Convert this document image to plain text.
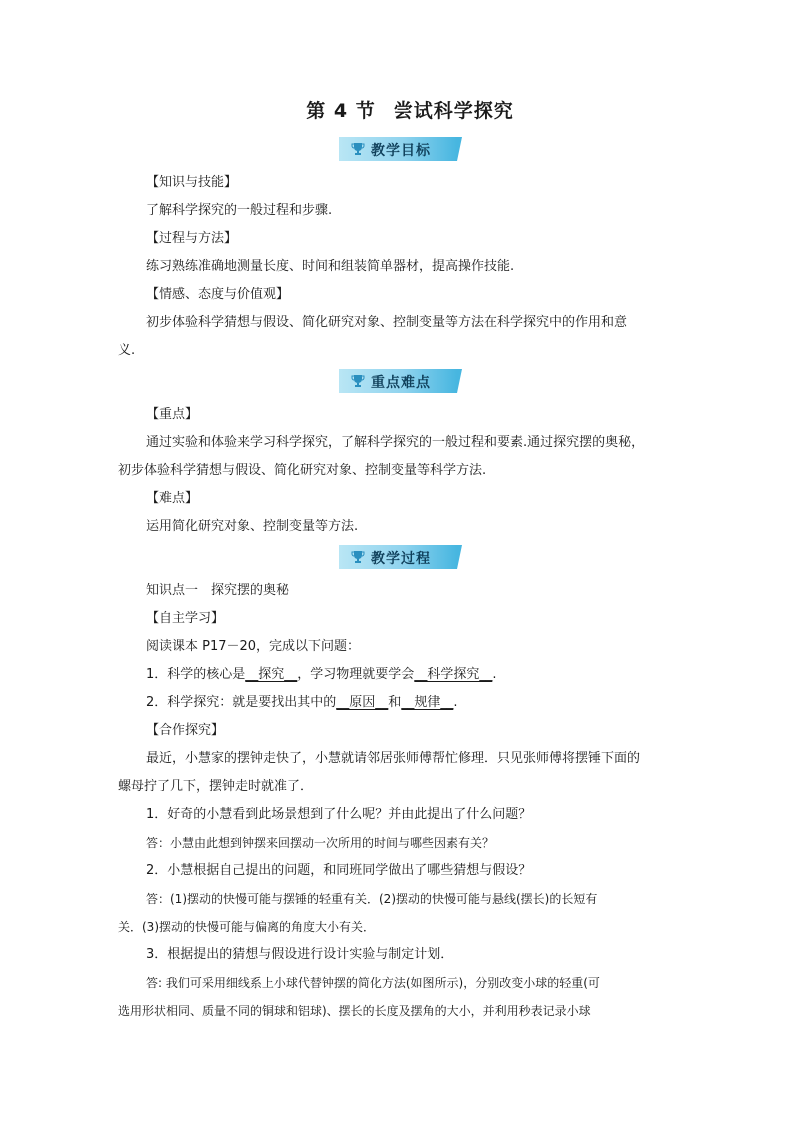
第 4 节 尝试科学探究
教学目标

【知识与技能】

了解科学探究的一般过程和步骤.

【过程与方法】

练习熟练准确地测量长度、时间和组装简单器材，提高操作技能.

【情感、态度与价值观】

初步体验科学猜想与假设、简化研究对象、控制变量等方法在科学探究中的作用和意

义.

重点难点

【重点】

通过实验和体验来学习科学探究，了解科学探究的一般过程和要素.通过探究摆的奥秘，

初步体验科学猜想与假设、简化研究对象、控制变量等科学方法.

【难点】

运用简化研究对象、控制变量等方法.

教学过程

知识点一　探究摆的奥秘

【自主学习】

阅读课本 P17－20，完成以下问题：

1．科学的核心是__探究__，学习物理就要学会__科学探究__.

2．科学探究：就是要找出其中的__原因__和__规律__.

【合作探究】

最近，小慧家的摆钟走快了，小慧就请邻居张师傅帮忙修理．只见张师傅将摆锤下面的

螺母拧了几下，摆钟走时就准了．

1．好奇的小慧看到此场景想到了什么呢？并由此提出了什么问题？

答：小慧由此想到钟摆来回摆动一次所用的时间与哪些因素有关？

2．小慧根据自己提出的问题，和同班同学做出了哪些猜想与假设？

答：(1)摆动的快慢可能与摆锤的轻重有关．(2)摆动的快慢可能与悬线(摆长)的长短有

关．(3)摆动的快慢可能与偏离的角度大小有关．

3．根据提出的猜想与假设进行设计实验与制定计划．

答: 我们可采用细线系上小球代替钟摆的简化方法(如图所示)，分别改变小球的轻重(可

选用形状相同、质量不同的铜球和铝球)、摆长的长度及摆角的大小，并利用秒表记录小球
